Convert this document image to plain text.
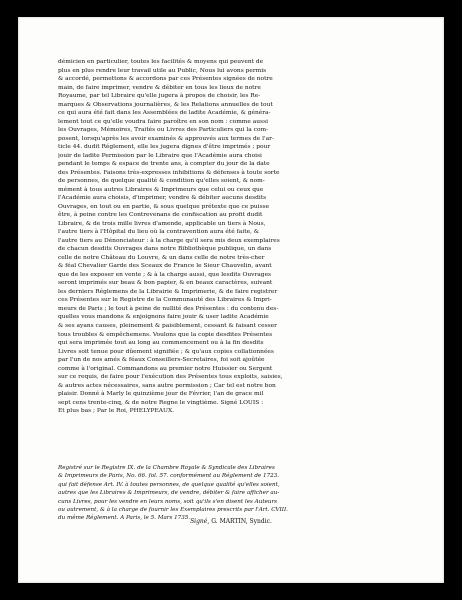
démicien en particulier, toutes les facilités & moyens qui peuvent de
plus en plus rendre leur travail utile au Public, Nous lui avons permis
& accordé, permettons & accordons par ces Présentes signées de notre
main, de faire imprimer, vendre & débiter en tous les lieux de notre
Royaume, par tel Libraire qu'elle jugera à propos de choisir, les Re-
marques & Observations journalières, & les Relations annuelles de tout
ce qui aura été fait dans les Assemblées de ladite Académie, & généra-
lement tout ce qu'elle voudra faire paroître en son nom : comme aussi
les Ouvrages, Mémoires, Traités ou Livres des Particuliers qui la com-
posent, lorsqu'après les avoir examinés & approuvés aux termes de l'ar-
ticle 44. dudit Réglement, elle les jugera dignes d'être imprimés ; pour
jouir de ladite Permission par le Libraire que l'Académie aura choisi
pendant le temps & espace de trente ans, à compter du jour de la date
des Présentes. Faisons très-expresses inhibitions & défenses à toute sorte
de personnes, de quelque qualité & condition qu'elles soient, & nom-
mément à tous autres Libraires & Imprimeurs que celui ou ceux que
l'Académie aura choisis, d'imprimer, vendre & débiter aucuns desdits
Ouvrages, en tout ou en partie, & sous quelque prétexte que ce puisse
être, à peine contre les Contrevenans de confiscation au profit dudit
Libraire, & de trois mille livres d'amende, applicable un tiers à Nous,
l'autre tiers à l'Hôpital du lieu où la contravention aura été faite, &
l'autre tiers au Dénonciateur : à la charge qu'il sera mis deux exemplaires
de chacun desdits Ouvrages dans notre Bibliothèque publique, un dans
celle de notre Château du Louvre, & un dans celle de notre très-cher
& féal Chevalier Garde des Sceaux de France le Sieur Chauvelin, avant
que de les exposer en vente ; & à la charge aussi, que lesdits Ouvrages
seront imprimés sur beau & bon papier, & en beaux caractères, suivant
les derniers Réglemens de la Librairie & Imprimerie, & de faire registrer
ces Présentes sur le Registre de la Communauté des Libraires & Impri-
meurs de Paris ; le tout à peine de nullité des Présentes : du contenu des-
quelles vous mandons & enjoignons faire jouir & user ladite Académie
& ses ayans causes, pleinement & paisiblement, cessant & faisant cesser
tous troubles & empêchemens. Voulons que la copie desdites Présentes
qui sera imprimée tout au long au commencement ou à la fin desdits
Livres soit tenue pour dûement signifiée ; & qu'aux copies collationnées
par l'un de nos amés & féaux Conseillers-Secretaires, foi soit ajoûtée
comme à l'original. Commandons au premier notre Huissier ou Sergent
sur ce requis, de faire pour l'exécution des Présentes tous exploits, saisies,
& autres actes nécessaires, sans autre permission ; Car tel est notre bon
plaisir. Donné à Marly le quinzième jour de Février, l'an de grace mil
sept cens trente-cinq, & de notre Regne le vingtième. Signé LOUIS :
Et plus bas ; Par le Roi, PHELYPEAUX.
Registré sur le Registre IX. de la Chambre Royale & Syndicale des Libraires
& Imprimeurs de Paris, No. 66. fol. 57. conformément au Réglement de 1723.
qui fait défense Art. IV. à toutes personnes, de quelque qualité qu'elles soient,
autres que les Libraires & Imprimeurs, de vendre, débiter & faire afficher au-
cuns Livres, pour les vendre en leurs noms, soit qu'ils s'en disent les Auteurs
ou autrement, & à la charge de fournir les Exemplaires prescrits par l'Art. CVIII.
du même Réglement. A Paris, le 5. Mars 1735. Signé, G. MARTIN, Syndic.
